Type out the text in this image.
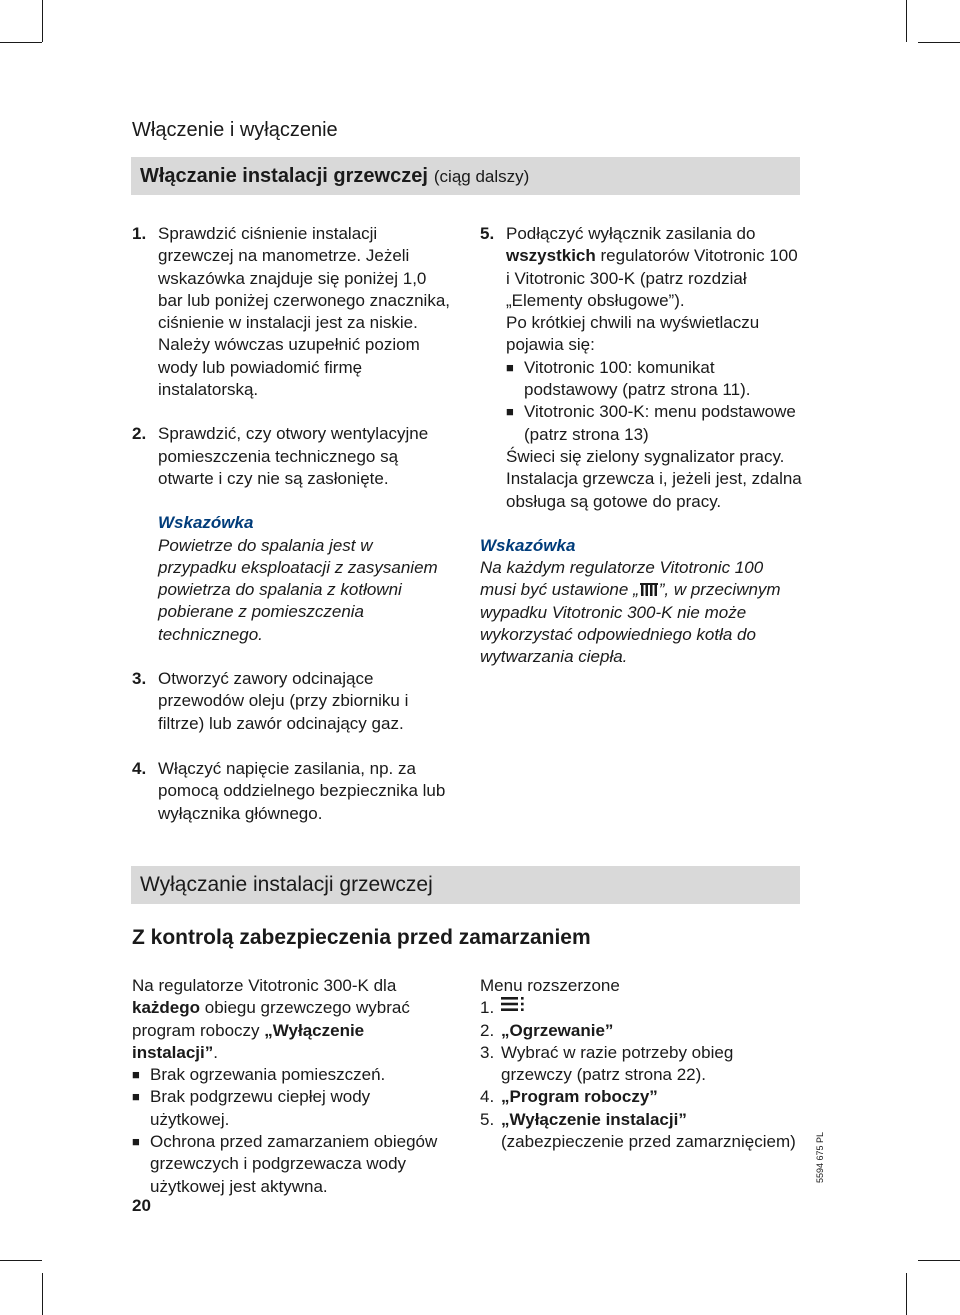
Włączenie i wyłączenie
Włączanie instalacji grzewczej (ciąg dalszy)
1. Sprawdzić ciśnienie instalacji grzewczej na manometrze. Jeżeli wskazówka znajduje się poniżej 1,0 bar lub poniżej czerwonego znacznika, ciśnienie w instalacji jest za niskie. Należy wówczas uzupełnić poziom wody lub powiadomić firmę instalatorską.
2. Sprawdzić, czy otwory wentylacyjne pomieszczenia technicznego są otwarte i czy nie są zasłonięte.
Wskazówka
Powietrze do spalania jest w przypadku eksploatacji z zasysaniem powietrza do spalania z kotłowni pobierane z pomieszczenia technicznego.
3. Otworzyć zawory odcinające przewodów oleju (przy zbiorniku i filtrze) lub zawór odcinający gaz.
4. Włączyć napięcie zasilania, np. za pomocą oddzielnego bezpiecznika lub wyłącznika głównego.
5. Podłączyć wyłącznik zasilania do wszystkich regulatorów Vitotronic 100 i Vitotronic 300-K (patrz rozdział „Elementy obsługowe”).
Po krótkiej chwili na wyświetlaczu pojawia się:
■ Vitotronic 100: komunikat podstawowy (patrz strona 11).
■ Vitotronic 300-K: menu podstawowe (patrz strona 13)
Świeci się zielony sygnalizator pracy.
Instalacja grzewcza i, jeżeli jest, zdalna obsługa są gotowe do pracy.
Wskazówka
Na każdym regulatorze Vitotronic 100 musi być ustawione „ ”, w przeciwnym wypadku Vitotronic 300-K nie może wykorzystać odpowiedniego kotła do wytwarzania ciepła.
Wyłączanie instalacji grzewczej
Z kontrolą zabezpieczenia przed zamarzaniem
Na regulatorze Vitotronic 300-K dla każdego obiegu grzewczego wybrać program roboczy „Wyłączenie instalacji”.
■ Brak ogrzewania pomieszczeń.
■ Brak podgrzewu ciepłej wody użytkowej.
■ Ochrona przed zamarzaniem obiegów grzewczych i podgrzewacza wody użytkowej jest aktywna.
Menu rozszerzone
1.
2. „Ogrzewanie”
3. Wybrać w razie potrzeby obieg grzewczy (patrz strona 22).
4. „Program roboczy”
5. „Wyłączenie instalacji” (zabezpieczenie przed zamarznięciem)
20
5594 675 PL
